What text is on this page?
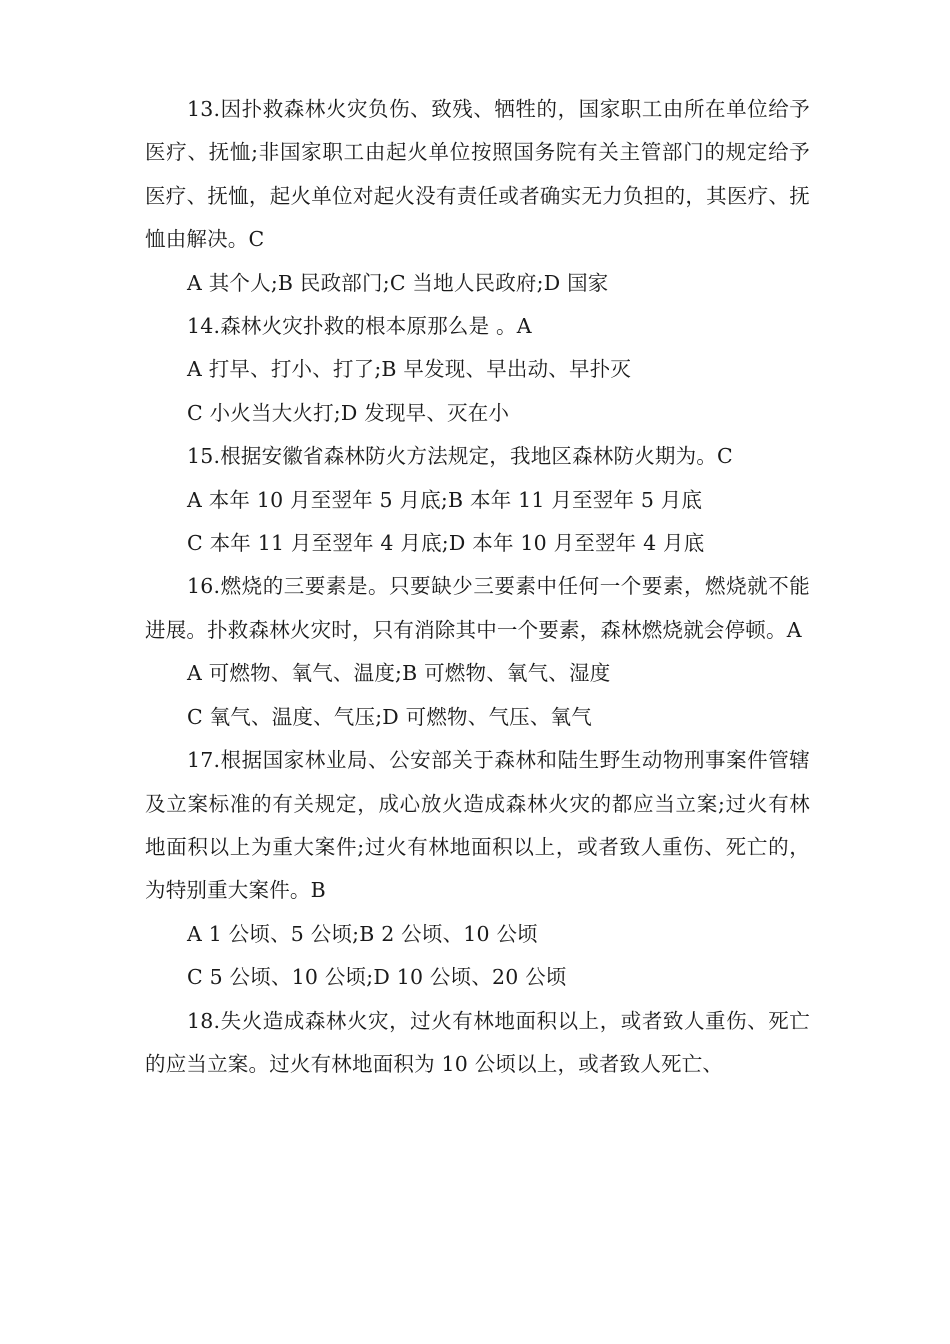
13.因扑救森林火灾负伤、致残、牺牲的，国家职工由所在单位给予医疗、抚恤;非国家职工由起火单位按照国务院有关主管部门的规定给予医疗、抚恤，起火单位对起火没有责任或者确实无力负担的，其医疗、抚恤由解决。C

A 其个人;B 民政部门;C 当地人民政府;D 国家

14.森林火灾扑救的根本原那么是 。A

A 打早、打小、打了;B 早发现、早出动、早扑灭

C 小火当大火打;D 发现早、灭在小

15.根据安徽省森林防火方法规定，我地区森林防火期为。C

A 本年 10 月至翌年 5 月底;B 本年 11 月至翌年 5 月底

C 本年 11 月至翌年 4 月底;D 本年 10 月至翌年 4 月底

16.燃烧的三要素是。只要缺少三要素中任何一个要素，燃烧就不能进展。扑救森林火灾时，只有消除其中一个要素，森林燃烧就会停顿。A

A 可燃物、氧气、温度;B 可燃物、氧气、湿度

C 氧气、温度、气压;D 可燃物、气压、氧气

17.根据国家林业局、公安部关于森林和陆生野生动物刑事案件管辖及立案标准的有关规定，成心放火造成森林火灾的都应当立案;过火有林地面积以上为重大案件;过火有林地面积以上，或者致人重伤、死亡的，为特别重大案件。B

A 1 公顷、5 公顷;B 2 公顷、10 公顷

C 5 公顷、10 公顷;D 10 公顷、20 公顷

18.失火造成森林火灾，过火有林地面积以上，或者致人重伤、死亡的应当立案。过火有林地面积为 10 公顷以上，或者致人死亡、
